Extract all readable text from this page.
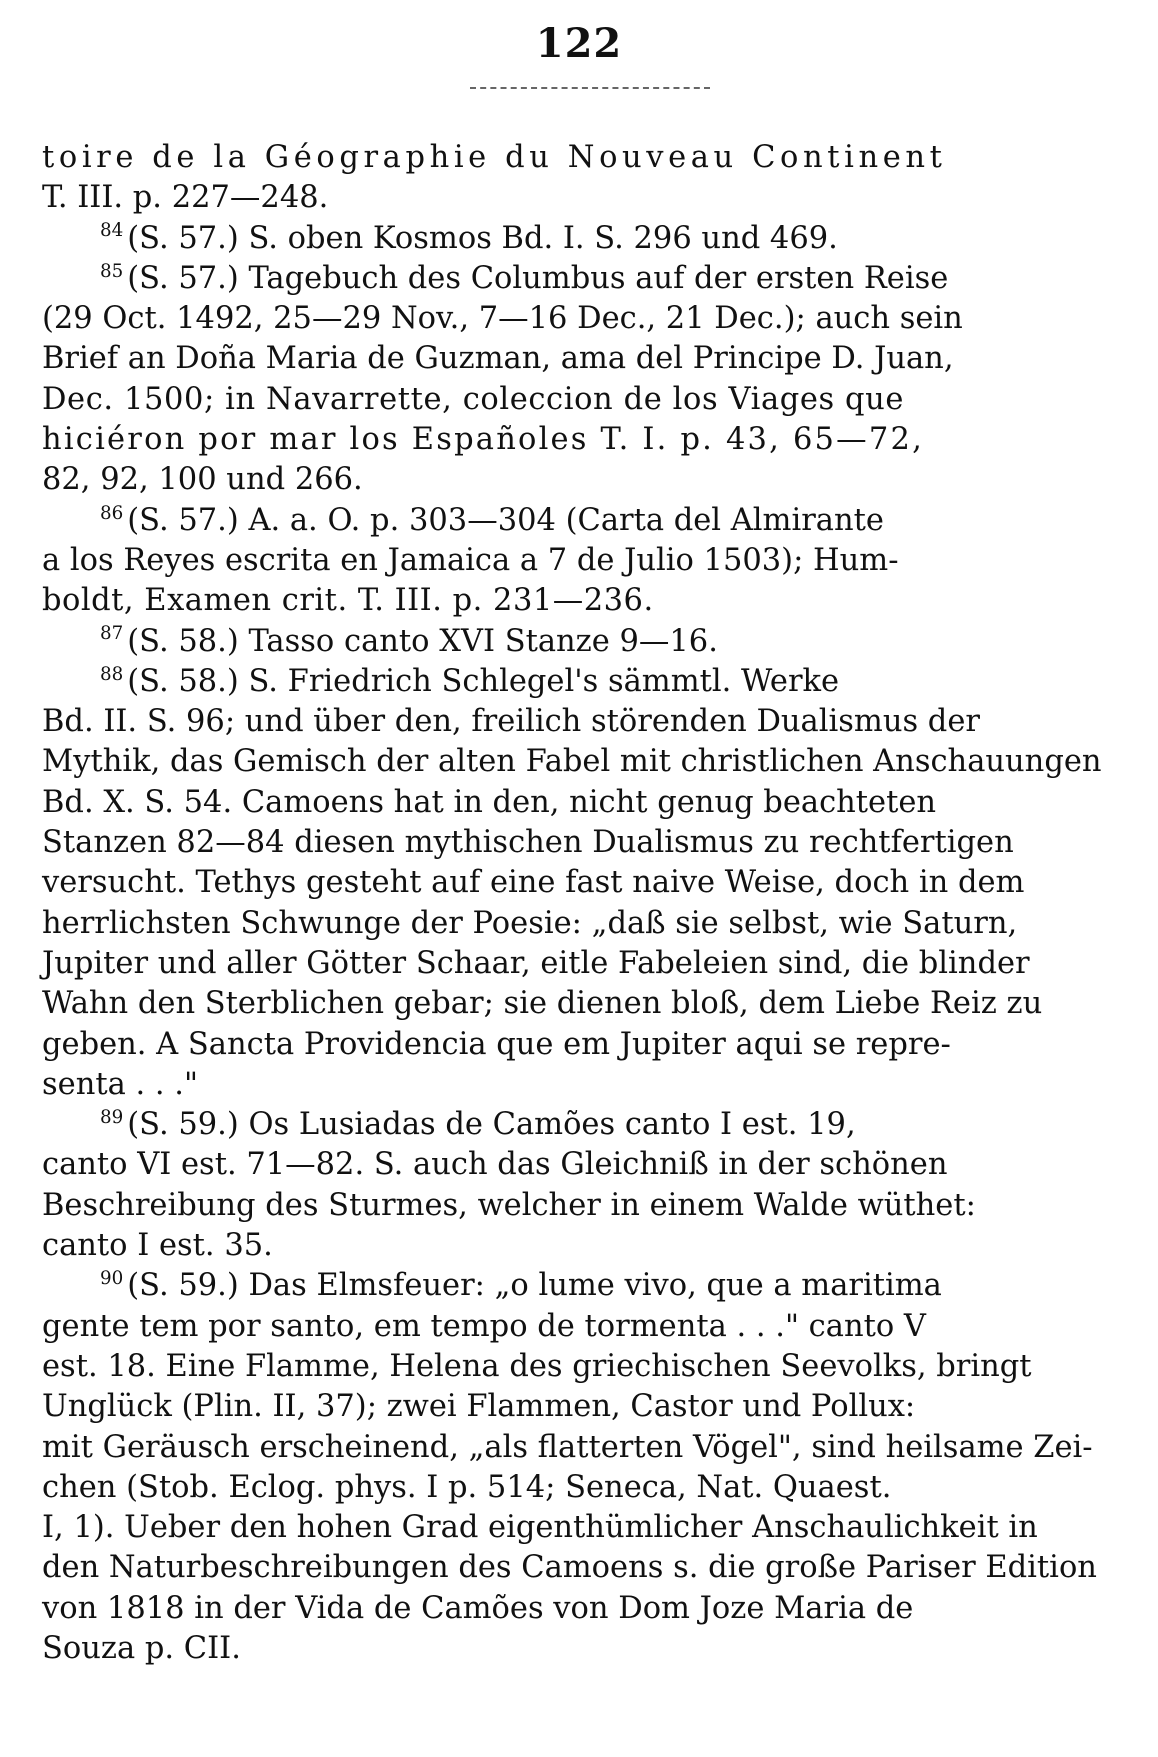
122
toire de la Géographie du Nouveau Continent
T. III. p. 227—248.
$^{84}$ (S. 57.) S. oben Kosmos Bd. I. S. 296 und 469.
$^{85}$ (S. 57.) Tagebuch des Columbus auf der ersten Reise
(29 Oct. 1492, 25—29 Nov., 7—16 Dec., 21 Dec.); auch sein
Brief an Doña Maria de Guzman, ama del Principe D. Juan,
Dec. 1500; in Navarrette, coleccion de los Viages que
hiciéron por mar los Españoles T. I. p. 43, 65—72,
82, 92, 100 und 266.
$^{86}$ (S. 57.) A. a. O. p. 303—304 (Carta del Almirante
a los Reyes escrita en Jamaica a 7 de Julio 1503); Hum-
boldt, Examen crit. T. III. p. 231—236.
$^{87}$ (S. 58.) Tasso canto XVI Stanze 9—16.
$^{88}$ (S. 58.) S. Friedrich Schlegel's sämmtl. Werke
Bd. II. S. 96; und über den, freilich störenden Dualismus der
Mythik, das Gemisch der alten Fabel mit christlichen Anschauungen
Bd. X. S. 54. Camoens hat in den, nicht genug beachteten
Stanzen 82—84 diesen mythischen Dualismus zu rechtfertigen
versucht. Tethys gesteht auf eine fast naive Weise, doch in dem
herrlichsten Schwunge der Poesie: „daß sie selbst, wie Saturn,
Jupiter und aller Götter Schaar, eitle Fabeleien sind, die blinder
Wahn den Sterblichen gebar; sie dienen bloß, dem Liebe Reiz zu
geben. A Sancta Providencia que em Jupiter aqui se repre-
senta . . ."
$^{89}$ (S. 59.) Os Lusiadas de Camões canto I est. 19,
canto VI est. 71—82. S. auch das Gleichniß in der schönen
Beschreibung des Sturmes, welcher in einem Walde wüthet:
canto I est. 35.
$^{90}$ (S. 59.) Das Elmsfeuer: „o lume vivo, que a maritima
gente tem por santo, em tempo de tormenta . . ." canto V
est. 18. Eine Flamme, Helena des griechischen Seevolks, bringt
Unglück (Plin. II, 37); zwei Flammen, Castor und Pollux:
mit Geräusch erscheinend, „als flatterten Vögel", sind heilsame Zei-
chen (Stob. Eclog. phys. I p. 514; Seneca, Nat. Quaest.
I, 1). Ueber den hohen Grad eigenthümlicher Anschaulichkeit in
den Naturbeschreibungen des Camoens s. die große Pariser Edition
von 1818 in der Vida de Camões von Dom Joze Maria de
Souza p. CII.
